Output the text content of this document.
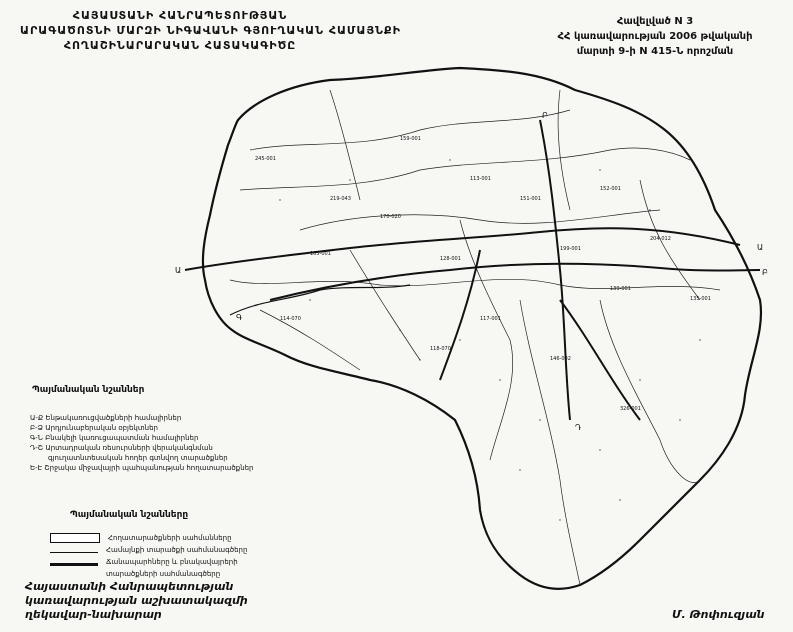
245-001
219-043
159-001
113-001
170-020
151-001
152-001
204-012
199-001
128-001
105-001
139-001
135-001
117-001
146-002
118-070
326-001
114-070
Ա
Ա
Բ
Բ
Գ
Դ
ՀԱՅԱՍՏԱՆԻ ՀԱՆՐԱՊԵՏՈՒԹՅԱՆ
ԱՐԱԳԱԾՈՏՆԻ ՄԱՐԶԻ ՆԻԳԱՎԱՆԻ ԳՅՈՒՂԱԿԱՆ ՀԱՄԱՅՆՔԻ
ՀՈՂԱՇԻՆԱՐԱՐԱԿԱՆ ՀԱՏԱԿԱԳԻԾԸ
Հավելված N 3
ՀՀ կառավարության 2006 թվականի
մարտի 9-ի N 415-Ն որոշման
Պայմանական նշաններ
Ա-Ք Ենթակառուցվածքների համալիրներ
Բ-Ձ Արդյունաբերական օբյեկտներ
Գ-Ն Բնակելի կառուցապատման համալիրներ
Դ-Շ Արտադրական ռեսուրսների վերականգնման
գյուղատնտեսական հողեր գտնվող տարածքներ
Ե-Է Շրջակա միջավայրի պահպանության հողատարածքներ
Պայմանական նշանները
Հողատարածքների սահմանները
Համայնքի տարածքի սահմանագծերը
Ճանապարհները և բնակավայրերի
տարածքների սահմանագծերը
Հայաստանի Հանրապետության
կառավարության աշխատակազմի
ղեկավար-նախարար	Մ. Թոփուզյան
